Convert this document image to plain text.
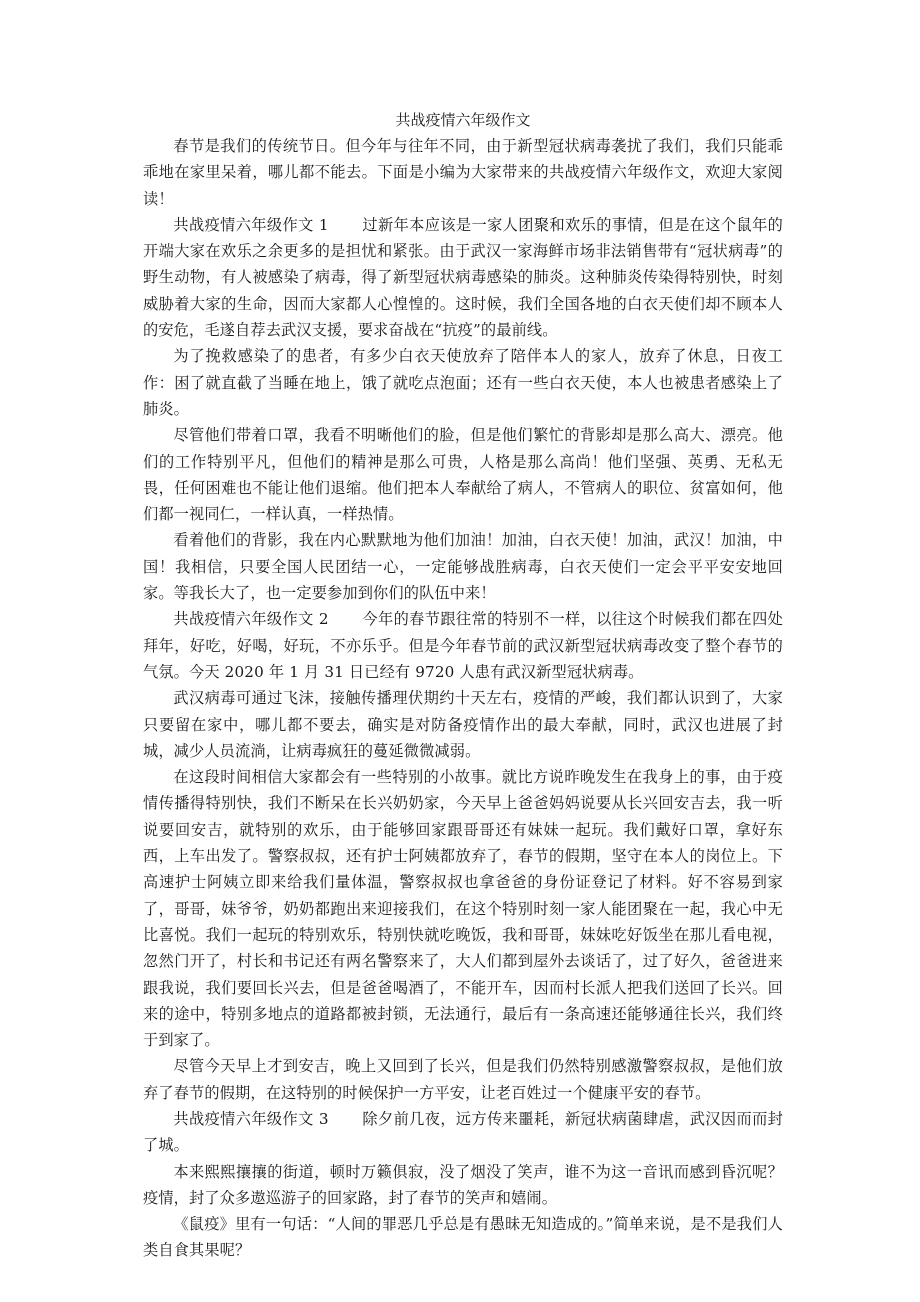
共战疫情六年级作文

春节是我们的传统节日。但今年与往年不同，由于新型冠状病毒袭扰了我们，我们只能乖乖地在家里呆着，哪儿都不能去。下面是小编为大家带来的共战疫情六年级作文，欢迎大家阅读！

共战疫情六年级作文 1 过新年本应该是一家人团聚和欢乐的事情，但是在这个鼠年的开端大家在欢乐之余更多的是担忧和紧张。由于武汉一家海鲜市场非法销售带有“冠状病毒”的野生动物，有人被感染了病毒，得了新型冠状病毒感染的肺炎。这种肺炎传染得特别快，时刻威胁着大家的生命，因而大家都人心惶惶的。这时候，我们全国各地的白衣天使们却不顾本人的安危，毛遂自荐去武汉支援，要求奋战在“抗疫”的最前线。

为了挽救感染了的患者，有多少白衣天使放弃了陪伴本人的家人，放弃了休息，日夜工作：困了就直截了当睡在地上，饿了就吃点泡面；还有一些白衣天使，本人也被患者感染上了肺炎。

尽管他们带着口罩，我看不明晰他们的脸，但是他们繁忙的背影却是那么高大、漂亮。他们的工作特别平凡，但他们的精神是那么可贵，人格是那么高尚！他们坚强、英勇、无私无畏，任何困难也不能让他们退缩。他们把本人奉献给了病人，不管病人的职位、贫富如何，他们都一视同仁，一样认真，一样热情。

看着他们的背影，我在内心默默地为他们加油！加油，白衣天使！加油，武汉！加油，中国！我相信，只要全国人民团结一心，一定能够战胜病毒，白衣天使们一定会平平安安地回家。等我长大了，也一定要参加到你们的队伍中来！

共战疫情六年级作文 2 今年的春节跟往常的特别不一样，以往这个时候我们都在四处拜年，好吃，好喝，好玩，不亦乐乎。但是今年春节前的武汉新型冠状病毒改变了整个春节的气氛。今天 2020 年 1 月 31 日已经有 9720 人患有武汉新型冠状病毒。

武汉病毒可通过飞沫，接触传播理伏期约十天左右，疫情的严峻，我们都认识到了，大家只要留在家中，哪儿都不要去，确实是对防备疫情作出的最大奉献，同时，武汉也进展了封城，减少人员流淌，让病毒疯狂的蔓延微微减弱。

在这段时间相信大家都会有一些特别的小故事。就比方说昨晚发生在我身上的事，由于疫情传播得特别快，我们不断呆在长兴奶奶家，今天早上爸爸妈妈说要从长兴回安吉去，我一听说要回安吉，就特别的欢乐，由于能够回家跟哥哥还有妹妹一起玩。我们戴好口罩，拿好东西，上车出发了。警察叔叔，还有护士阿姨都放弃了，春节的假期，坚守在本人的岗位上。下高速护士阿姨立即来给我们量体温，警察叔叔也拿爸爸的身份证登记了材料。好不容易到家了，哥哥，妹爷爷，奶奶都跑出来迎接我们，在这个特别时刻一家人能团聚在一起，我心中无比喜悦。我们一起玩的特别欢乐，特别快就吃晚饭，我和哥哥，妹妹吃好饭坐在那儿看电视，忽然门开了，村长和书记还有两名警察来了，大人们都到屋外去谈话了，过了好久，爸爸进来跟我说，我们要回长兴去，但是爸爸喝酒了，不能开车，因而村长派人把我们送回了长兴。回来的途中，特别多地点的道路都被封锁，无法通行，最后有一条高速还能够通往长兴，我们终于到家了。

尽管今天早上才到安吉，晚上又回到了长兴，但是我们仍然特别感激警察叔叔，是他们放弃了春节的假期，在这特别的时候保护一方平安，让老百姓过一个健康平安的春节。

共战疫情六年级作文 3 除夕前几夜，远方传来噩耗，新冠状病菌肆虐，武汉因而而封了城。

本来熙熙攘攘的街道，顿时万籁俱寂，没了烟没了笑声，谁不为这一音讯而感到昏沉呢？疫情，封了众多遨巡游子的回家路，封了春节的笑声和嬉闹。

《鼠疫》里有一句话：“人间的罪恶几乎总是有愚昧无知造成的。”简单来说，是不是我们人类自食其果呢？
